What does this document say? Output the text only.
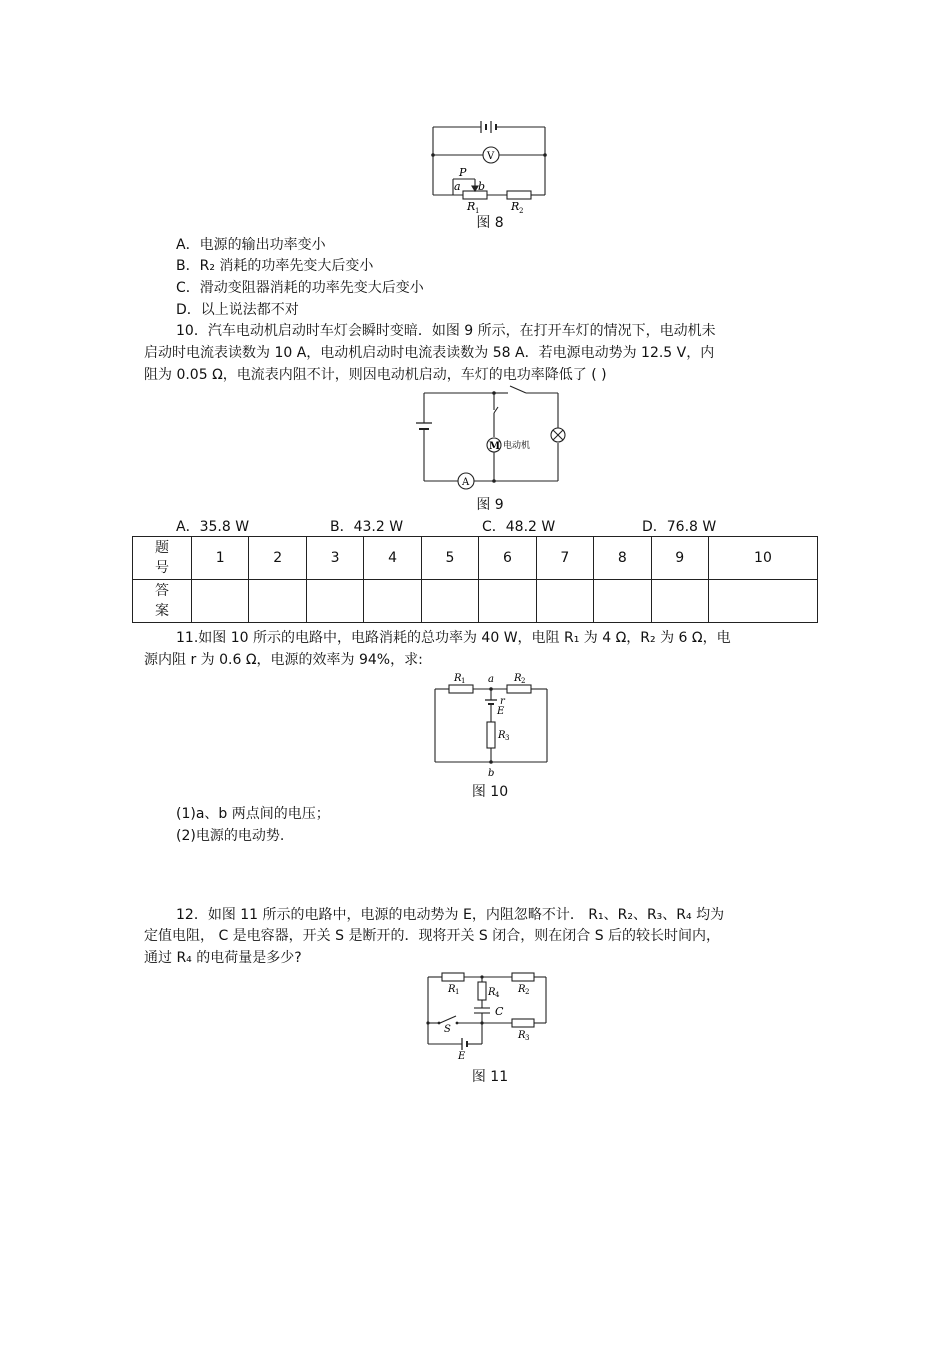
V
P
a b
R 1	R 2
图 8
A．电源的输出功率变小
B．R₂ 消耗的功率先变大后变小
C．滑动变阻器消耗的功率先变大后变小
D．以上说法都不对
10．汽车电动机启动时车灯会瞬时变暗．如图 9 所示，在打开车灯的情况下，电动机未
启动时电流表读数为 10 A，电动机启动时电流表读数为 58 A．若电源电动势为 12.5 V，内
阻为 0.05 Ω，电流表内阻不计，则因电动机启动，车灯的电功率降低了 ( )
M 电动机
A
图 9
A．35.8 W	B．43.2 W	C．48.2 W	D．76.8 W
题
号	1	2	3	4	5	6	7	8	9	10
答
案										
11.如图 10 所示的电路中，电路消耗的总功率为 40 W，电阻 R₁ 为 4 Ω，R₂ 为 6 Ω，电
源内阻 r 为 0.6 Ω，电源的效率为 94%，求:
R 1	R 2
a
r
E
R 3
b
图 10
(1)a、b 两点间的电压；
(2)电源的电动势.
12．如图 11 所示的电路中，电源的电动势为 E，内阻忽略不计． R₁、R₂、R₃、R₄ 均为
定值电阻， C 是电容器，开关 S 是断开的．现将开关 S 闭合，则在闭合 S 后的较长时间内，
通过 R₄ 的电荷量是多少?
R 1	R 2
R 4
C
S
R 3
E
图 11
